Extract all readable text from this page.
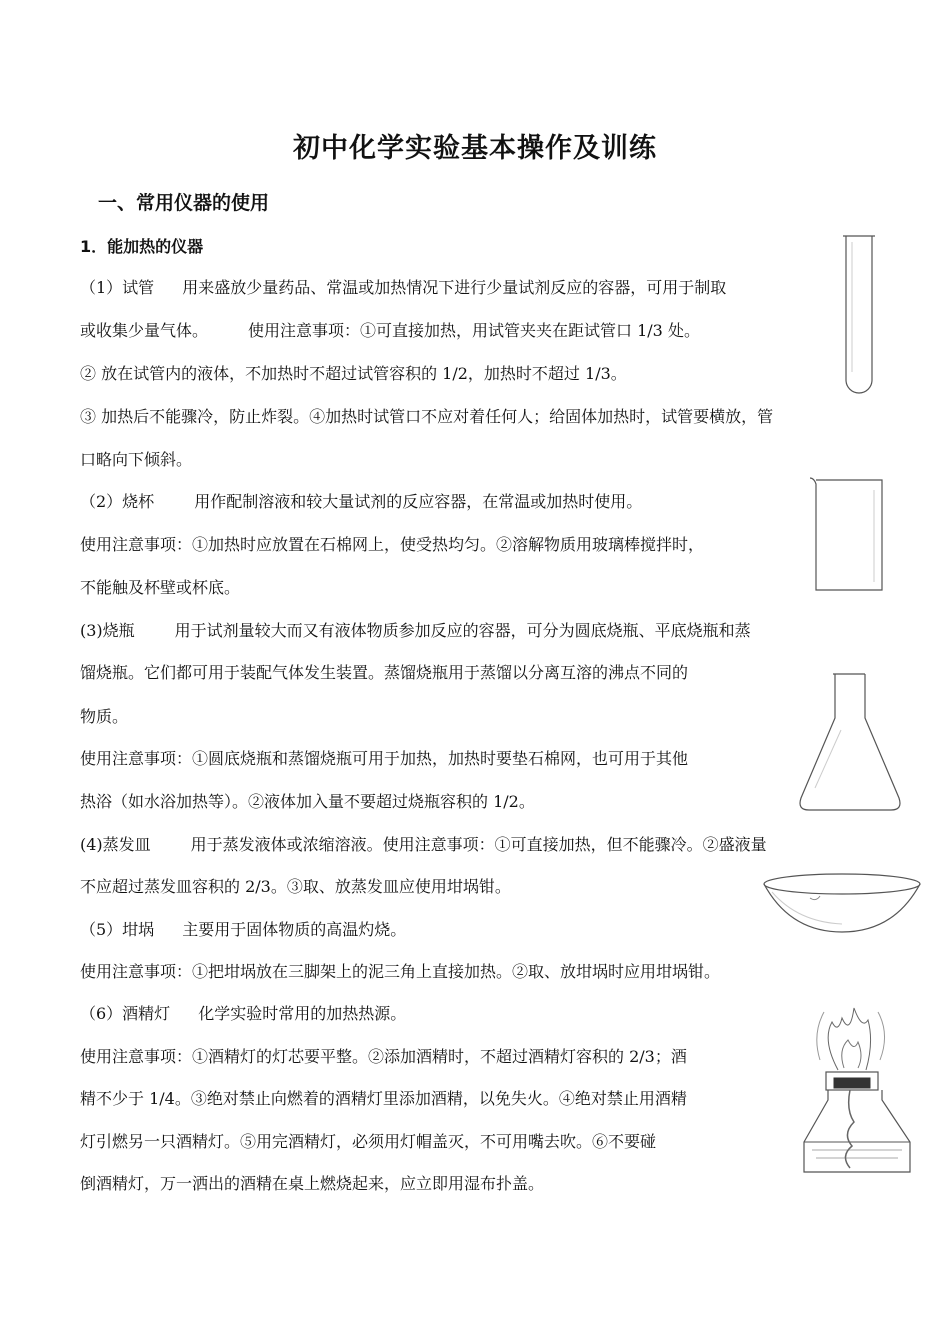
初中化学实验基本操作及训练
一、常用仪器的使用
1．能加热的仪器
（1）试管 用来盛放少量药品、常温或加热情况下进行少量试剂反应的容器，可用于制取
或收集少量气体。	使用注意事项：①可直接加热，用试管夹夹在距试管口 1/3 处。
② 放在试管内的液体，不加热时不超过试管容积的 1/2，加热时不超过 1/3。
③ 加热后不能骤冷，防止炸裂。④加热时试管口不应对着任何人；给固体加热时，试管要横放，管
口略向下倾斜。
（2）烧杯	用作配制溶液和较大量试剂的反应容器，在常温或加热时使用。
使用注意事项：①加热时应放置在石棉网上，使受热均匀。②溶解物质用玻璃棒搅拌时，
不能触及杯壁或杯底。
(3)烧瓶	用于试剂量较大而又有液体物质参加反应的容器，可分为圆底烧瓶、平底烧瓶和蒸
馏烧瓶。它们都可用于装配气体发生装置。蒸馏烧瓶用于蒸馏以分离互溶的沸点不同的
物质。
使用注意事项：①圆底烧瓶和蒸馏烧瓶可用于加热，加热时要垫石棉网，也可用于其他
热浴（如水浴加热等）。②液体加入量不要超过烧瓶容积的 1/2。
(4)蒸发皿	用于蒸发液体或浓缩溶液。使用注意事项：①可直接加热，但不能骤冷。②盛液量
不应超过蒸发皿容积的 2/3。③取、放蒸发皿应使用坩埚钳。
（5）坩埚 主要用于固体物质的高温灼烧。
使用注意事项：①把坩埚放在三脚架上的泥三角上直接加热。②取、放坩埚时应用坩埚钳。
（6）酒精灯 化学实验时常用的加热热源。
使用注意事项：①酒精灯的灯芯要平整。②添加酒精时，不超过酒精灯容积的 2/3；酒
精不少于 1/4。③绝对禁止向燃着的酒精灯里添加酒精，以免失火。④绝对禁止用酒精
灯引燃另一只酒精灯。⑤用完酒精灯，必须用灯帽盖灭，不可用嘴去吹。⑥不要碰
倒酒精灯，万一洒出的酒精在桌上燃烧起来，应立即用湿布扑盖。
